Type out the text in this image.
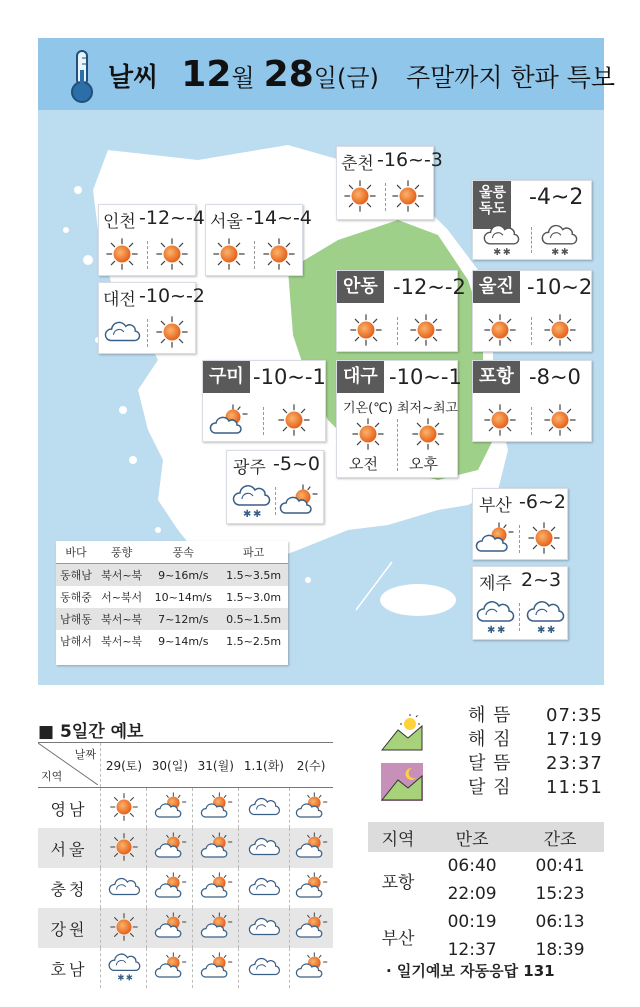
날씨 12월 28일(금) 주말까지 한파 특보
춘천 -16~-3
인천 -12~-4 서울 -14~-4
울릉
독도 -4~2
대전 -10~-2	안동 -12~-2 울진 -10~2
구미 -10~-1 대구 -10~-1
기온(℃) 최저~최고
오전 오후
포항 -8~0
광주 -5~0
부산 -6~2
제주 2~3
바다	풍향	풍속	파고
동해남	북서~북	9~16m/s	1.5~3.5m
동해중	서~북서	10~14m/s	1.5~3.0m
남해동	북서~북	7~12m/s	0.5~1.5m
남해서	북서~북	9~14m/s	1.5~2.5m
■ 5일간 예보
날짜
지역	29(토)	30(일)	31(월)	1.1(화)	2(수)
영남					
서울					
충청					
강원					
호남					
해 뜸 07:35
해 짐 17:19
달 뜸 23:37
달 짐 11:51
지역	만조	간조
포항	06:40	00:41
	22:09	15:23
부산	00:19	06:13
	12:37	18:39
· 일기예보 자동응답 131
